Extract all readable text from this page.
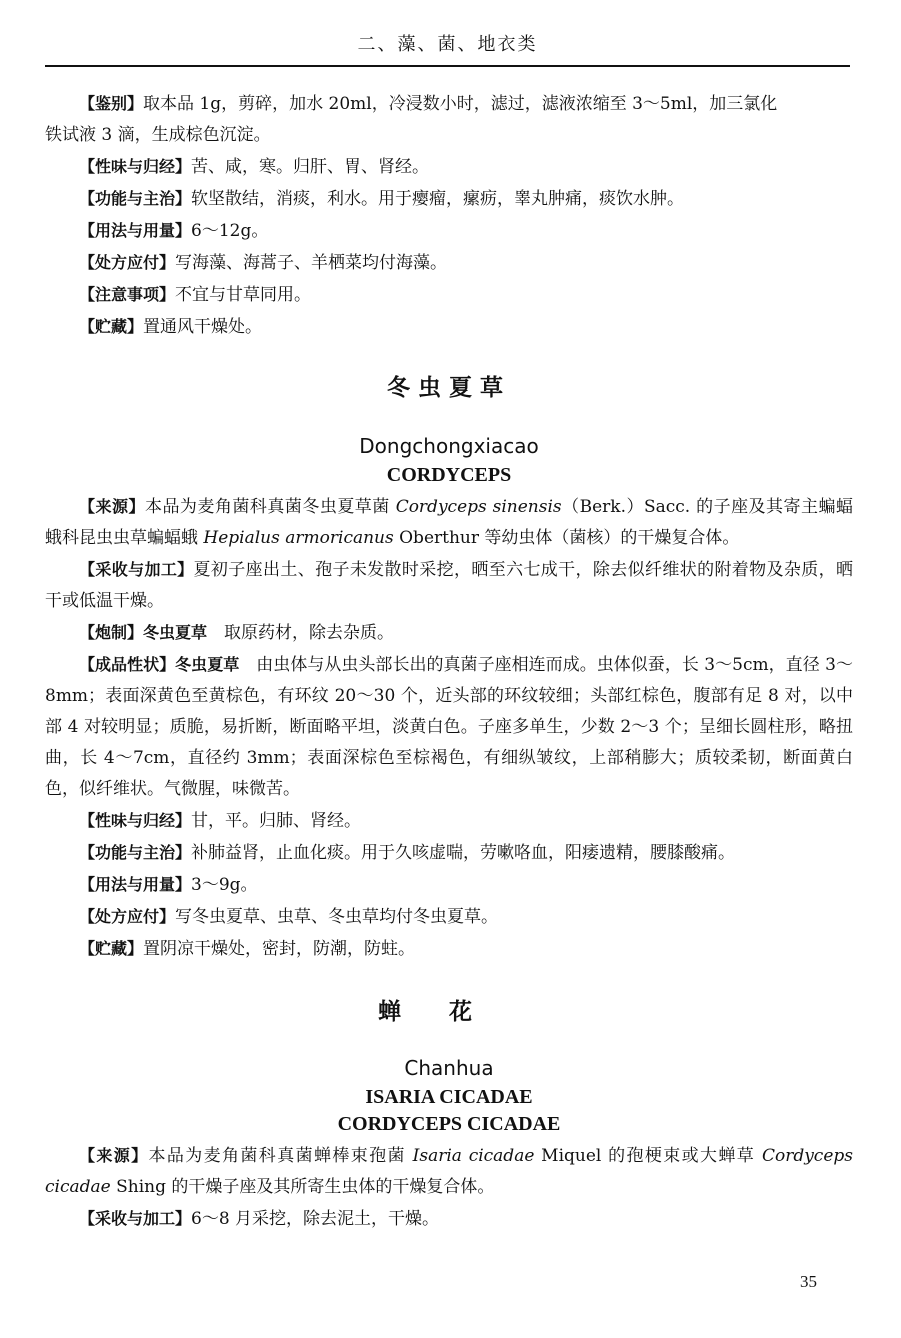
二、藻、菌、地衣类

【鉴别】取本品 1g，剪碎，加水 20ml，冷浸数小时，滤过，滤液浓缩至 3～5ml，加三氯化

铁试液 3 滴，生成棕色沉淀。

【性味与归经】苦、咸，寒。归肝、胃、肾经。

【功能与主治】软坚散结，消痰，利水。用于瘿瘤，瘰疬，睾丸肿痛，痰饮水肿。

【用法与用量】6～12g。

【处方应付】写海藻、海蒿子、羊栖菜均付海藻。

【注意事项】不宜与甘草同用。

【贮藏】置通风干燥处。

冬虫夏草
Dongchongxiacao
CORDYCEPS

【来源】本品为麦角菌科真菌冬虫夏草菌 Cordyceps sinensis（Berk.）Sacc. 的子座及其寄主蝙蝠蛾科昆虫虫草蝙蝠蛾 Hepialus armoricanus Oberthur 等幼虫体（菌核）的干燥复合体。

【采收与加工】夏初子座出土、孢子未发散时采挖，晒至六七成干，除去似纤维状的附着物及杂质，晒干或低温干燥。

【炮制】冬虫夏草　取原药材，除去杂质。

【成品性状】冬虫夏草　由虫体与从虫头部长出的真菌子座相连而成。虫体似蚕，长 3～5cm，直径 3～8mm；表面深黄色至黄棕色，有环纹 20～30 个，近头部的环纹较细；头部红棕色，腹部有足 8 对，以中部 4 对较明显；质脆，易折断，断面略平坦，淡黄白色。子座多单生，少数 2～3 个；呈细长圆柱形，略扭曲，长 4～7cm，直径约 3mm；表面深棕色至棕褐色，有细纵皱纹，上部稍膨大；质较柔韧，断面黄白色，似纤维状。气微腥，味微苦。

【性味与归经】甘，平。归肺、肾经。

【功能与主治】补肺益肾，止血化痰。用于久咳虚喘，劳嗽咯血，阳痿遗精，腰膝酸痛。

【用法与用量】3～9g。

【处方应付】写冬虫夏草、虫草、冬虫草均付冬虫夏草。

【贮藏】置阴凉干燥处，密封，防潮，防蛀。

蝉花
Chanhua
ISARIA CICADAE
CORDYCEPS CICADAE

【来源】本品为麦角菌科真菌蝉棒束孢菌 Isaria cicadae Miquel 的孢梗束或大蝉草 Cordyceps cicadae Shing 的干燥子座及其所寄生虫体的干燥复合体。

【采收与加工】6～8 月采挖，除去泥土，干燥。

35
